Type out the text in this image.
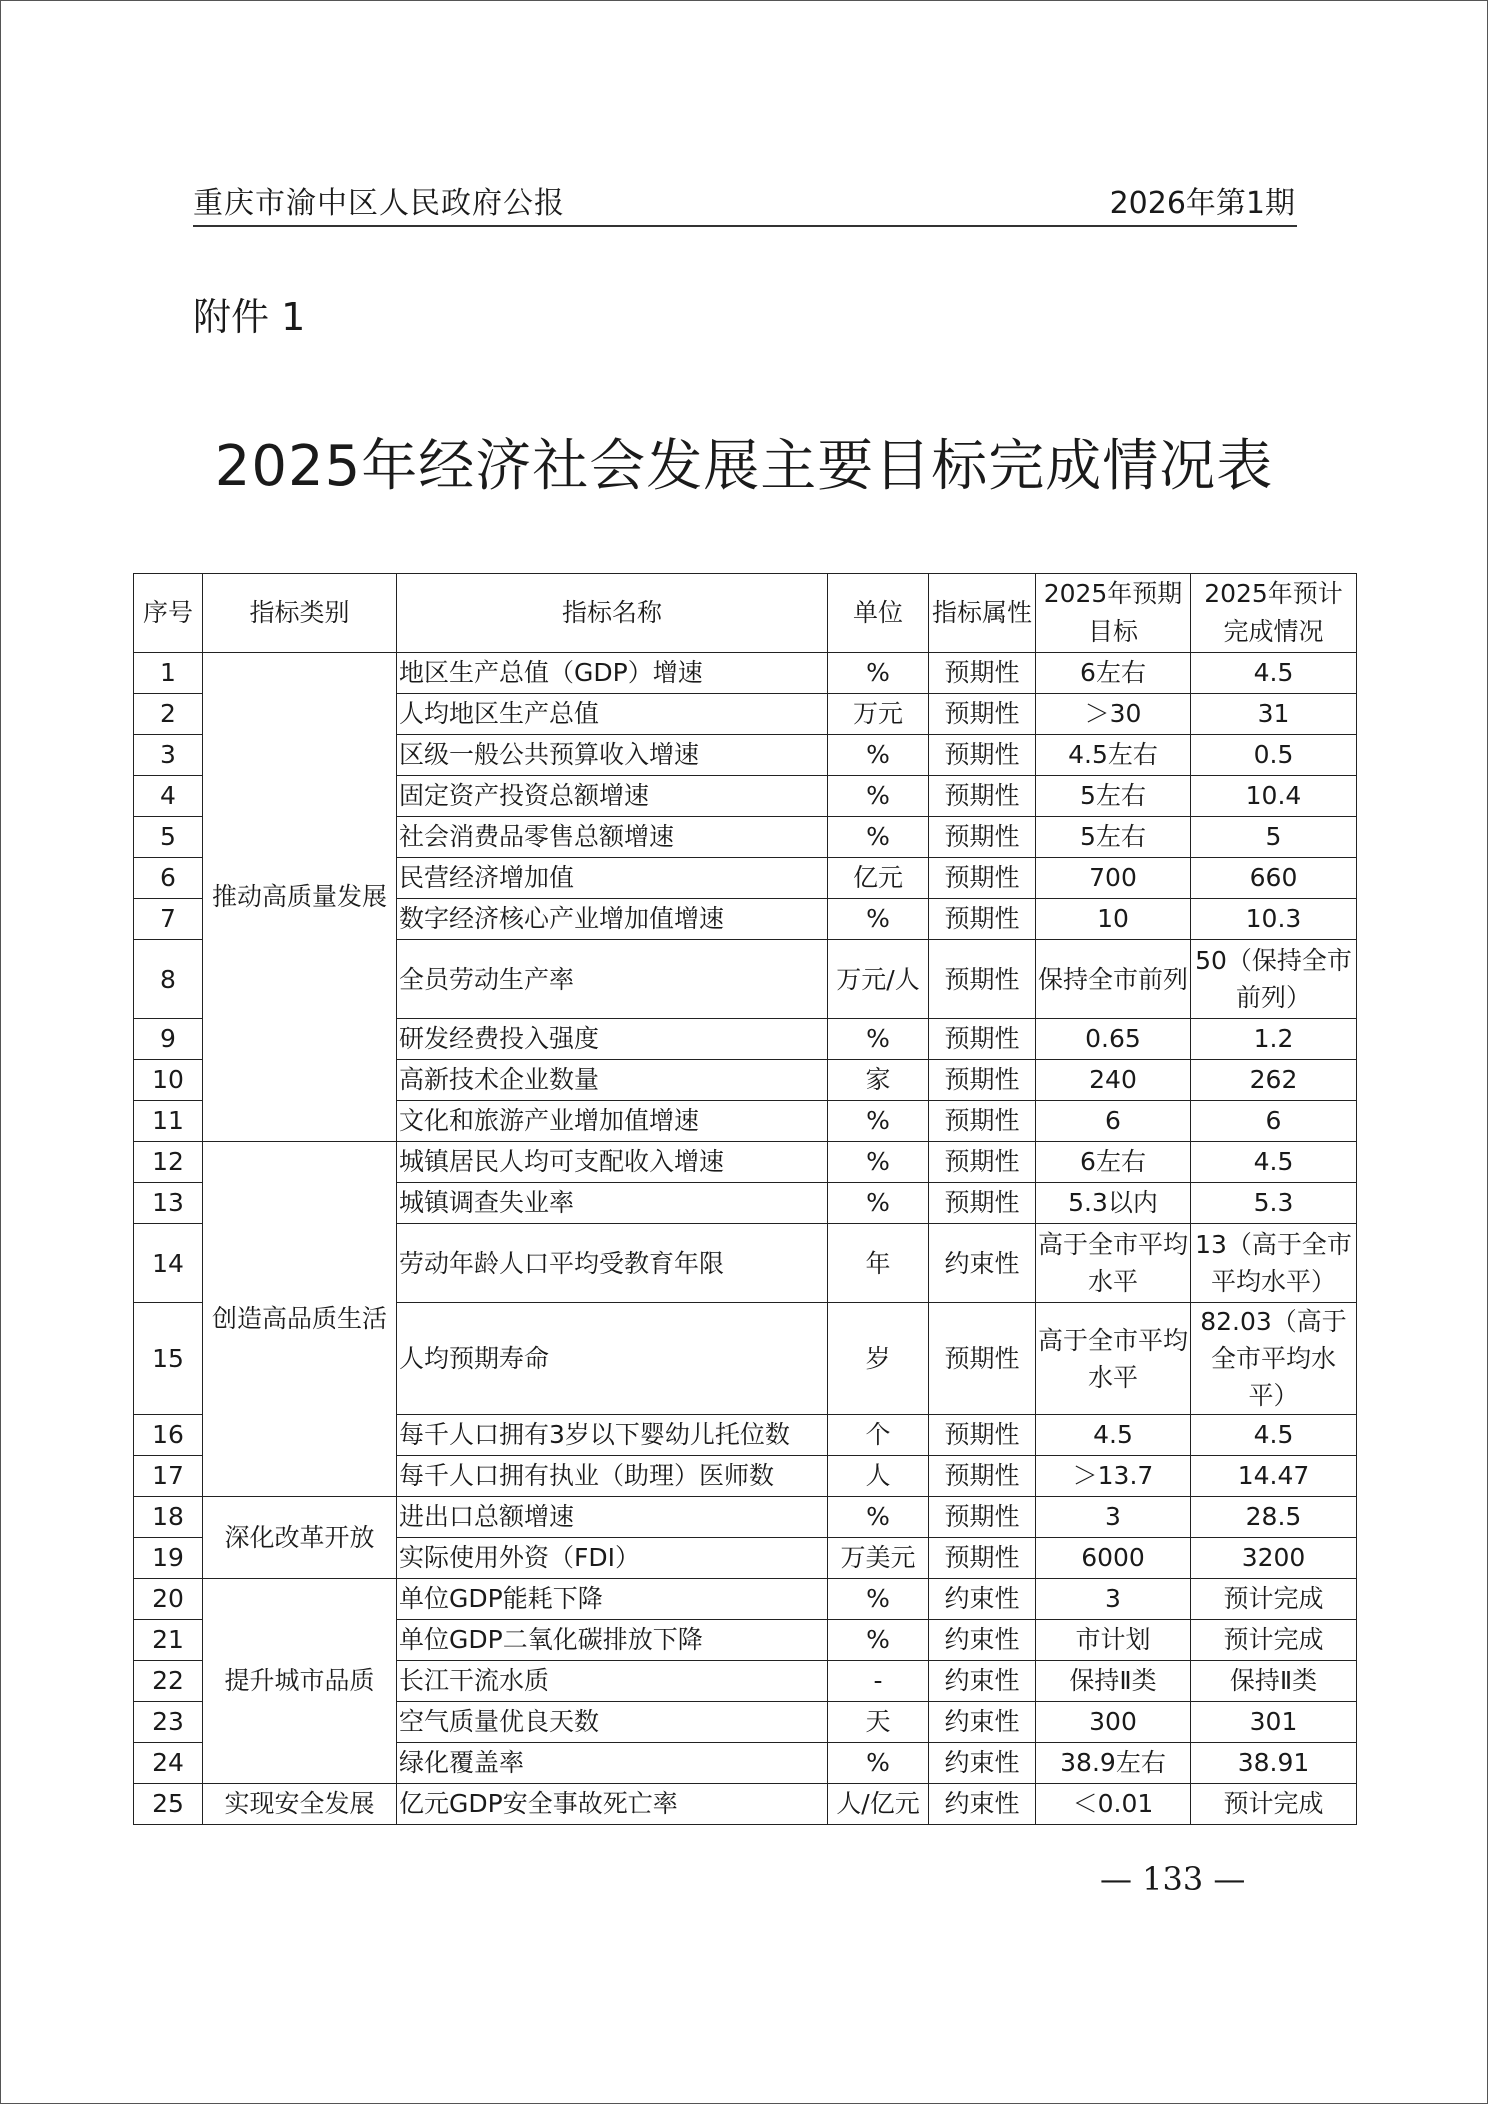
重庆市渝中区人民政府公报	2026年第1期
附件 1
2025年经济社会发展主要目标完成情况表
序号	指标类别	指标名称	单位	指标属性	2025年预期目标	2025年预计完成情况
1	推动高质量发展	地区生产总值（GDP）增速	%	预期性	6左右	4.5
2		人均地区生产总值	万元	预期性	＞30	31
3		区级一般公共预算收入增速	%	预期性	4.5左右	0.5
4		固定资产投资总额增速	%	预期性	5左右	10.4
5		社会消费品零售总额增速	%	预期性	5左右	5
6		民营经济增加值	亿元	预期性	700	660
7		数字经济核心产业增加值增速	%	预期性	10	10.3
8		全员劳动生产率	万元/人	预期性	保持全市前列	50（保持全市前列）
9		研发经费投入强度	%	预期性	0.65	1.2
10		高新技术企业数量	家	预期性	240	262
11		文化和旅游产业增加值增速	%	预期性	6	6
12	创造高品质生活	城镇居民人均可支配收入增速	%	预期性	6左右	4.5
13		城镇调查失业率	%	预期性	5.3以内	5.3
14		劳动年龄人口平均受教育年限	年	约束性	高于全市平均水平	13（高于全市平均水平）
15		人均预期寿命	岁	预期性	高于全市平均水平	82.03（高于全市平均水平）
16		每千人口拥有3岁以下婴幼儿托位数	个	预期性	4.5	4.5
17		每千人口拥有执业（助理）医师数	人	预期性	＞13.7	14.47
18	深化改革开放	进出口总额增速	%	预期性	3	28.5
19		实际使用外资（FDI）	万美元	预期性	6000	3200
20	提升城市品质	单位GDP能耗下降	%	约束性	3	预计完成
21		单位GDP二氧化碳排放下降	%	约束性	市计划	预计完成
22		长江干流水质	-	约束性	保持Ⅱ类	保持Ⅱ类
23		空气质量优良天数	天	约束性	300	301
24		绿化覆盖率	%	约束性	38.9左右	38.91
25	实现安全发展	亿元GDP安全事故死亡率	人/亿元	约束性	＜0.01	预计完成
— 133 —
